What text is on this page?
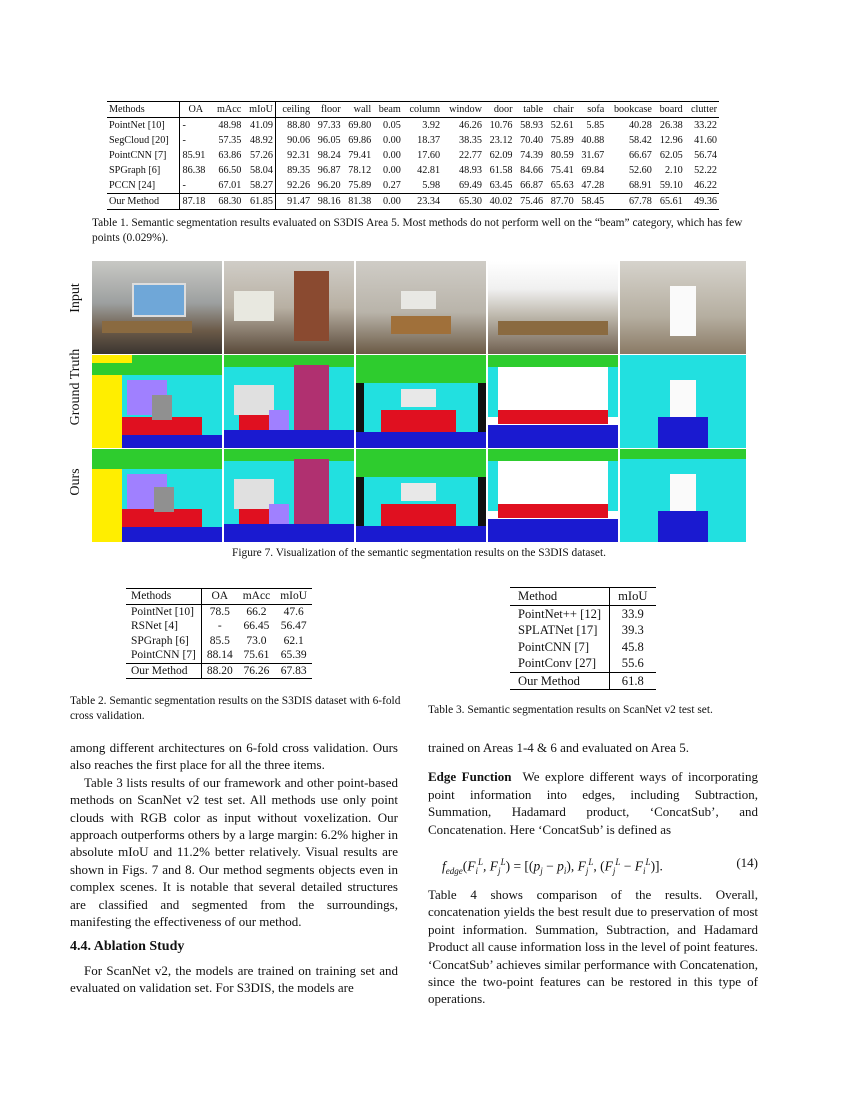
Methods	OA	mAcc	mIoU	ceiling	floor	wall	beam	column	window	door	table	chair	sofa	bookcase	board	clutter
PointNet [10]	-	48.98	41.09	88.80	97.33	69.80	0.05	3.92	46.26	10.76	58.93	52.61	5.85	40.28	26.38	33.22
SegCloud [20]	-	57.35	48.92	90.06	96.05	69.86	0.00	18.37	38.35	23.12	70.40	75.89	40.88	58.42	12.96	41.60
PointCNN [7]	85.91	63.86	57.26	92.31	98.24	79.41	0.00	17.60	22.77	62.09	74.39	80.59	31.67	66.67	62.05	56.74
SPGraph [6]	86.38	66.50	58.04	89.35	96.87	78.12	0.00	42.81	48.93	61.58	84.66	75.41	69.84	52.60	2.10	52.22
PCCN [24]	-	67.01	58.27	92.26	96.20	75.89	0.27	5.98	69.49	63.45	66.87	65.63	47.28	68.91	59.10	46.22
Our Method	87.18	68.30	61.85	91.47	98.16	81.38	0.00	23.34	65.30	40.02	75.46	87.70	58.45	67.78	65.61	49.36
Table 1. Semantic segmentation results evaluated on S3DIS Area 5. Most methods do not perform well on the “beam” category, which has few points (0.029%).
Input
Ground Truth
Ours
Figure 7. Visualization of the semantic segmentation results on the S3DIS dataset.
Methods	OA	mAcc	mIoU
PointNet [10]	78.5	66.2	47.6
RSNet [4]	-	66.45	56.47
SPGraph [6]	85.5	73.0	62.1
PointCNN [7]	88.14	75.61	65.39
Our Method	88.20	76.26	67.83
Table 2. Semantic segmentation results on the S3DIS dataset with 6-fold cross validation.
Method	mIoU
PointNet++ [12]	33.9
SPLATNet [17]	39.3
PointCNN [7]	45.8
PointConv [27]	55.6
Our Method	61.8
Table 3. Semantic segmentation results on ScanNet v2 test set.
among different architectures on 6-fold cross validation. Ours also reaches the first place for all the three items.
Table 3 lists results of our framework and other point-based methods on ScanNet v2 test set. All methods use only point clouds with RGB color as input without voxelization. Our approach outperforms others by a large margin: 6.2% higher in absolute mIoU and 11.2% better relatively. Visual results are shown in Figs. 7 and 8. Our method segments objects even in complex scenes. It is notable that several detailed structures are classified and segmented from the surroundings, manifesting the effectiveness of our method.
4.4. Ablation Study
For ScanNet v2, the models are trained on training set and evaluated on validation set. For S3DIS, the models are
trained on Areas 1-4 & 6 and evaluated on Area 5.
Edge Function We explore different ways of incorporating point information into edges, including Subtraction, Summation, Hadamard product, ‘ConcatSub’, and Concatenation. Here ‘ConcatSub’ is defined as
$f_{edge}(F_i^L$, $F_j^L) = [(p_j - p_i)$, $F_j^L$, $(F_j^L - F_i^L)$].	(14)
Table 4 shows comparison of the results. Overall, concatenation yields the best result due to preservation of most point information. Summation, Subtraction, and Hadamard Product all cause information loss in the level of point features. ‘ConcatSub’ achieves similar performance with Concatenation, since the two-point features can be restored in this type of operations.
